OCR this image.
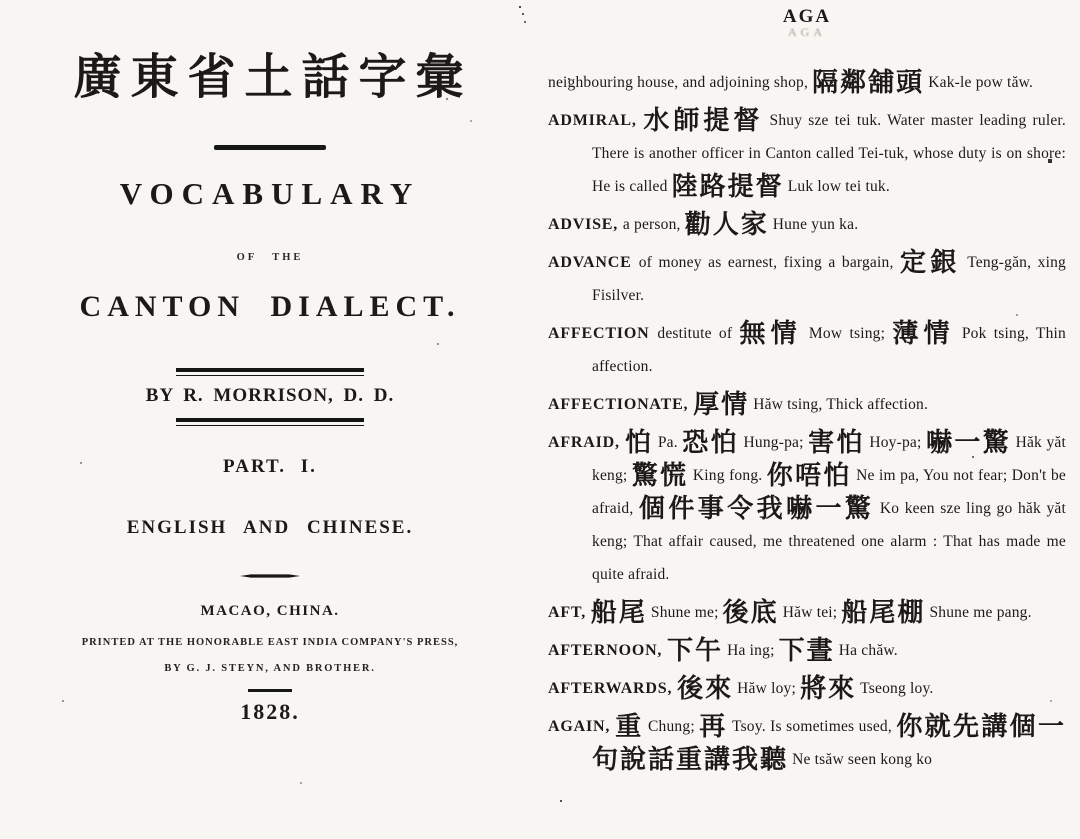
廣東省土話字彙
VOCABULARY
OF THE
CANTON DIALECT.
BY R. MORRISON, D. D.
PART. I.
ENGLISH AND CHINESE.
MACAO, CHINA.
PRINTED AT THE HONORABLE EAST INDIA COMPANY'S PRESS,
BY G. J. STEYN, AND BROTHER.
1828.
AGA
AGA

neighbouring house, and adjoining shop, 隔鄰舖頭 Kak-le pow tăw.

ADMIRAL, 水師提督 Shuy sze tei tuk. Water master leading ruler. There is another officer in Canton called Tei-tuk, whose duty is on shore: He is called 陸路提督 Luk low tei tuk.

ADVISE, a person, 勸人家 Hune yun ka.

ADVANCE of money as earnest, fixing a bargain, 定銀 Teng-găn, xing Fisilver.

AFFECTION destitute of 無情 Mow tsing; 薄情 Pok tsing, Thin affection.

AFFECTIONATE, 厚情 Hăw tsing, Thick affection.

AFRAID, 怕 Pa. 恐怕 Hung-pa; 害怕 Hoy-pa; 嚇一驚 Hăk yăt keng; 驚慌 King fong. 你唔怕 Ne im pa, You not fear; Don't be afraid, 個件事令我嚇一驚 Ko keen sze ling go hăk yăt keng; That affair caused, me threatened one alarm : That has made me quite afraid.

AFT, 船尾 Shune me; 後底 Hăw tei; 船尾棚 Shune me pang.

AFTERNOON, 下午 Ha ing; 下晝 Ha chăw.

AFTERWARDS, 後來 Hăw loy; 將來 Tseong loy.

AGAIN, 重 Chung; 再 Tsoy. Is sometimes used, 你就先講個一句說話重講我聽 Ne tsăw seen kong ko
